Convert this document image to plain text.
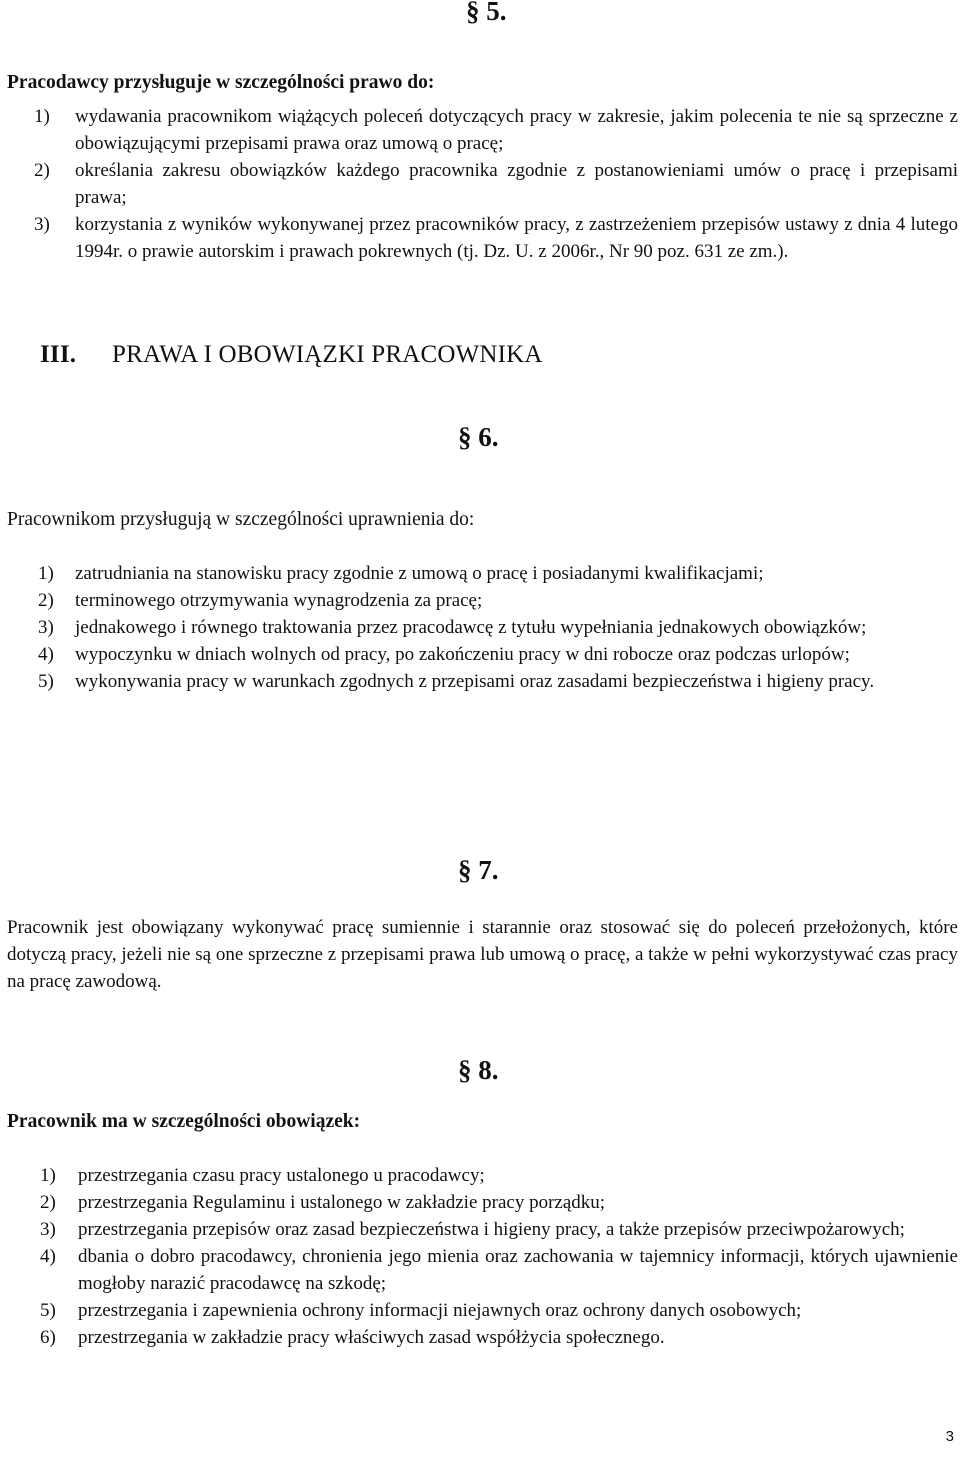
§ 5.
Pracodawcy przysługuje w szczególności prawo do:
1)	wydawania pracownikom wiążących poleceń dotyczących pracy w zakresie, jakim polecenia te nie są sprzeczne z obowiązującymi przepisami prawa oraz umową o pracę;
2)	określania zakresu obowiązków każdego pracownika zgodnie z postanowieniami umów o pracę i przepisami prawa;
3)	korzystania z wyników wykonywanej przez pracowników pracy, z zastrzeżeniem przepisów ustawy z dnia 4 lutego 1994r. o prawie autorskim i prawach pokrewnych (tj. Dz. U. z 2006r., Nr 90 poz. 631 ze zm.).
III. PRAWA I OBOWIĄZKI PRACOWNIKA
§ 6.
Pracownikom przysługują w szczególności uprawnienia do:
1)	zatrudniania na stanowisku pracy zgodnie z umową o pracę i posiadanymi kwalifikacjami;
2)	terminowego otrzymywania wynagrodzenia za pracę;
3)	jednakowego i równego traktowania przez pracodawcę z tytułu wypełniania jednakowych obowiązków;
4)	wypoczynku w dniach wolnych od pracy, po zakończeniu pracy w dni robocze oraz podczas urlopów;
5)	wykonywania pracy w warunkach zgodnych z przepisami oraz zasadami bezpieczeństwa i higieny pracy.
§ 7.
Pracownik jest obowiązany wykonywać pracę sumiennie i starannie oraz stosować się do poleceń przełożonych, które dotyczą pracy, jeżeli nie są one sprzeczne z przepisami prawa lub umową o pracę, a także w pełni wykorzystywać czas pracy na pracę zawodową.
§ 8.
Pracownik ma w szczególności obowiązek:
1)	przestrzegania czasu pracy ustalonego u pracodawcy;
2)	przestrzegania Regulaminu i ustalonego w zakładzie pracy porządku;
3)	przestrzegania przepisów oraz zasad bezpieczeństwa i higieny pracy, a także przepisów przeciwpożarowych;
4)	dbania o dobro pracodawcy, chronienia jego mienia oraz zachowania w tajemnicy informacji, których ujawnienie mogłoby narazić pracodawcę na szkodę;
5)	przestrzegania i zapewnienia ochrony informacji niejawnych oraz ochrony danych osobowych;
6)	przestrzegania w zakładzie pracy właściwych zasad współżycia społecznego.
3
